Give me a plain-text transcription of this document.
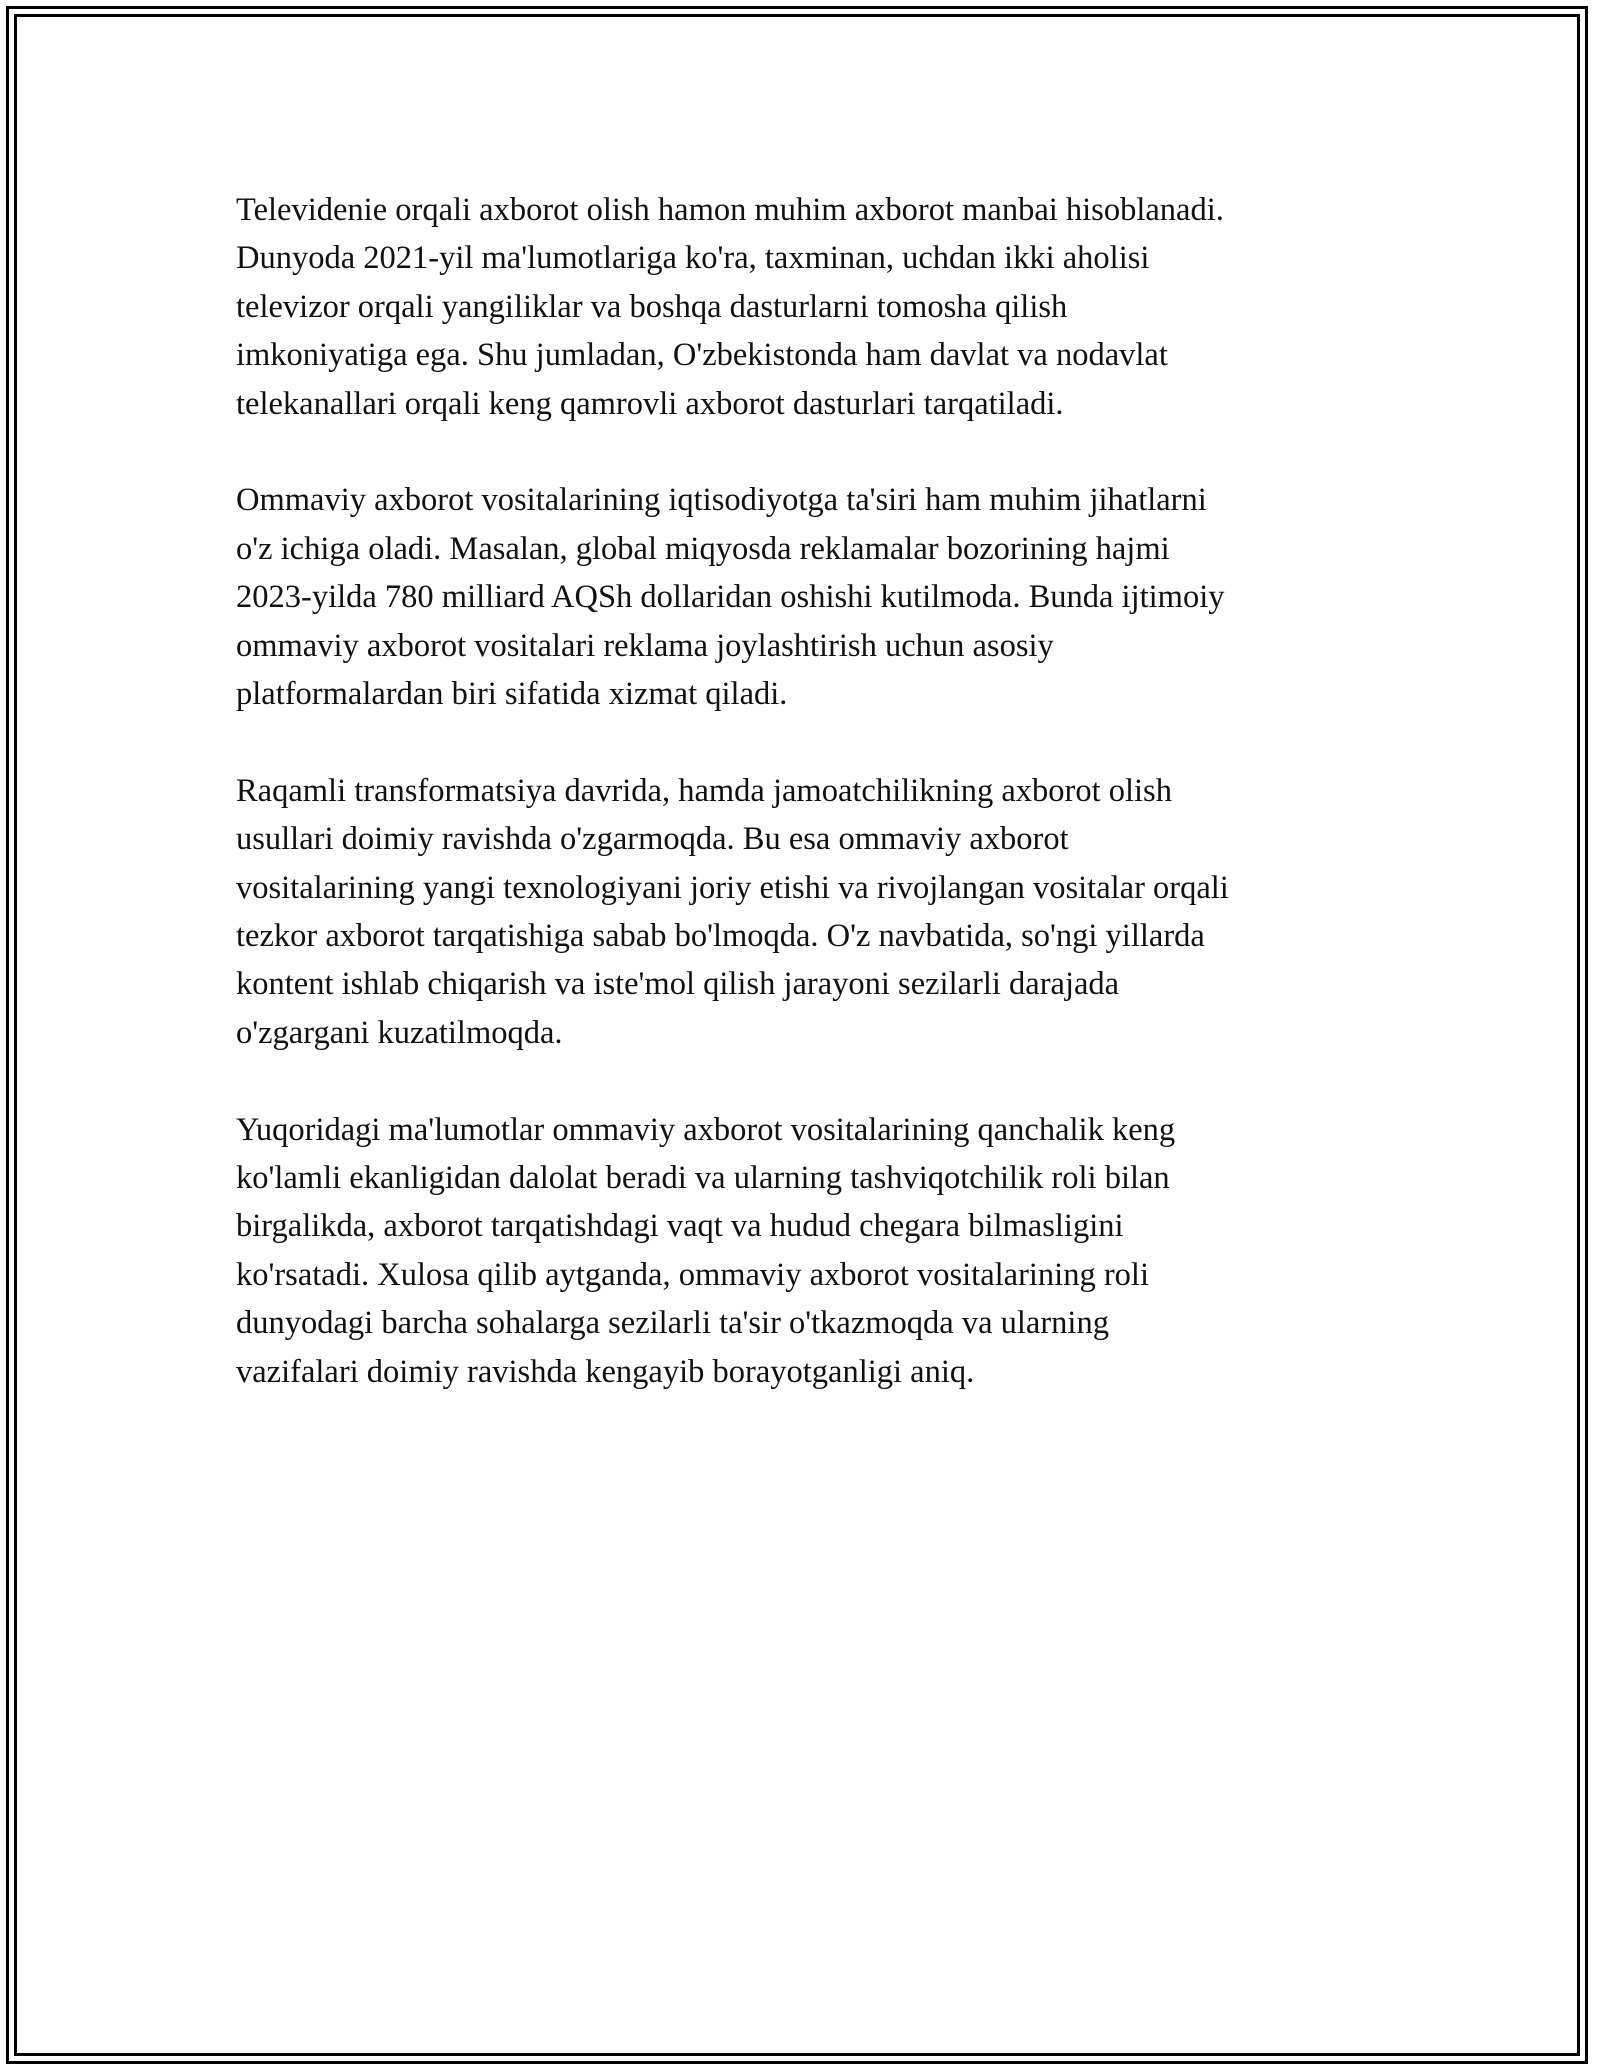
Televidenie orqali axborot olish hamon muhim axborot manbai hisoblanadi.
Dunyoda 2021-yil ma'lumotlariga ko'ra, taxminan, uchdan ikki aholisi
televizor orqali yangiliklar va boshqa dasturlarni tomosha qilish
imkoniyatiga ega. Shu jumladan, O'zbekistonda ham davlat va nodavlat
telekanallari orqali keng qamrovli axborot dasturlari tarqatiladi.

Ommaviy axborot vositalarining iqtisodiyotga ta'siri ham muhim jihatlarni
o'z ichiga oladi. Masalan, global miqyosda reklamalar bozorining hajmi
2023-yilda 780 milliard AQSh dollaridan oshishi kutilmoda. Bunda ijtimoiy
ommaviy axborot vositalari reklama joylashtirish uchun asosiy
platformalardan biri sifatida xizmat qiladi.

Raqamli transformatsiya davrida, hamda jamoatchilikning axborot olish
usullari doimiy ravishda o'zgarmoqda. Bu esa ommaviy axborot
vositalarining yangi texnologiyani joriy etishi va rivojlangan vositalar orqali
tezkor axborot tarqatishiga sabab bo'lmoqda. O'z navbatida, so'ngi yillarda
kontent ishlab chiqarish va iste'mol qilish jarayoni sezilarli darajada
o'zgargani kuzatilmoqda.

Yuqoridagi ma'lumotlar ommaviy axborot vositalarining qanchalik keng
ko'lamli ekanligidan dalolat beradi va ularning tashviqotchilik roli bilan
birgalikda, axborot tarqatishdagi vaqt va hudud chegara bilmasligini
ko'rsatadi. Xulosa qilib aytganda, ommaviy axborot vositalarining roli
dunyodagi barcha sohalarga sezilarli ta'sir o'tkazmoqda va ularning
vazifalari doimiy ravishda kengayib borayotganligi aniq.
